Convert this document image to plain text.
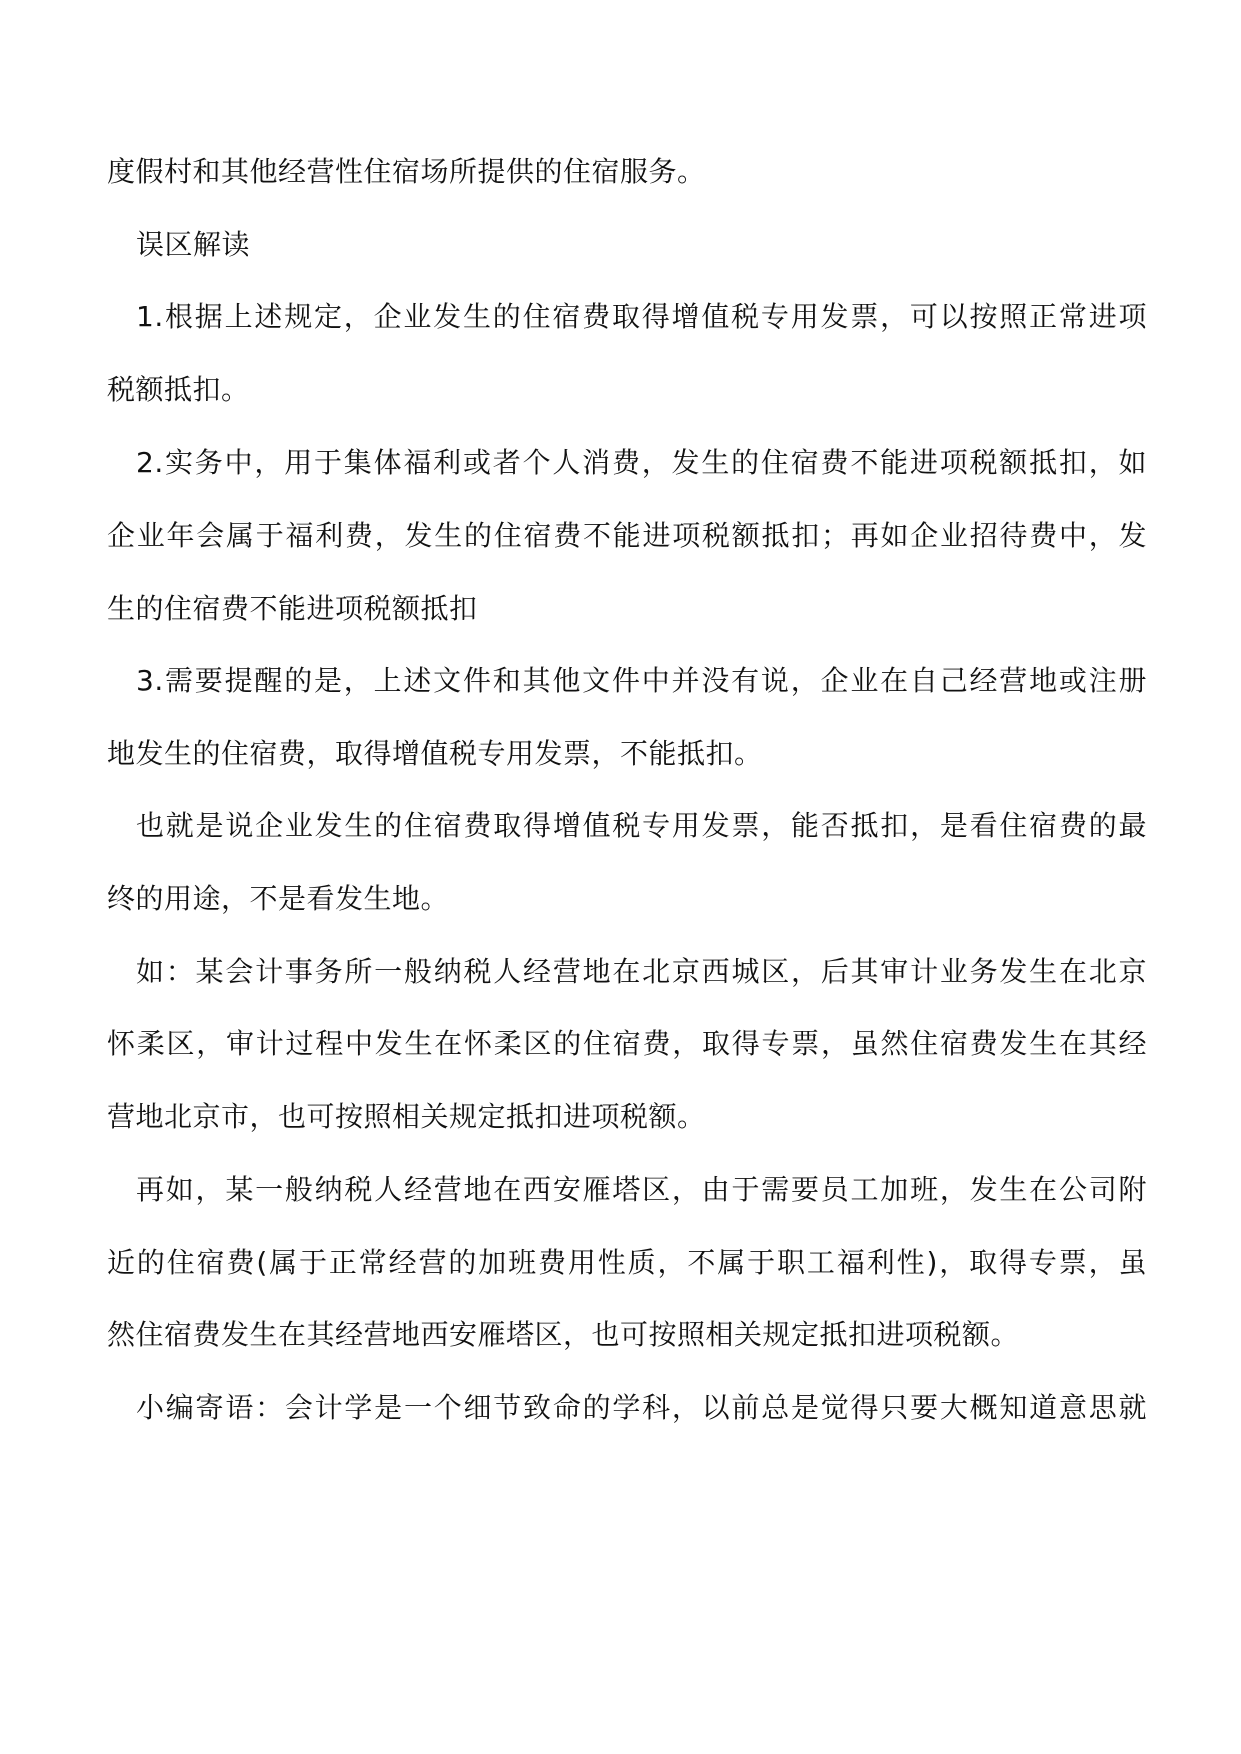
度假村和其他经营性住宿场所提供的住宿服务。
误区解读
1.根据上述规定，企业发生的住宿费取得增值税专用发票，可以按照正常进项
税额抵扣。
2.实务中，用于集体福利或者个人消费，发生的住宿费不能进项税额抵扣，如
企业年会属于福利费，发生的住宿费不能进项税额抵扣；再如企业招待费中，发
生的住宿费不能进项税额抵扣
3.需要提醒的是，上述文件和其他文件中并没有说，企业在自己经营地或注册
地发生的住宿费，取得增值税专用发票，不能抵扣。
也就是说企业发生的住宿费取得增值税专用发票，能否抵扣，是看住宿费的最
终的用途，不是看发生地。
如：某会计事务所一般纳税人经营地在北京西城区，后其审计业务发生在北京
怀柔区，审计过程中发生在怀柔区的住宿费，取得专票，虽然住宿费发生在其经
营地北京市，也可按照相关规定抵扣进项税额。
再如，某一般纳税人经营地在西安雁塔区，由于需要员工加班，发生在公司附
近的住宿费(属于正常经营的加班费用性质，不属于职工福利性)，取得专票，虽
然住宿费发生在其经营地西安雁塔区，也可按照相关规定抵扣进项税额。
小编寄语：会计学是一个细节致命的学科，以前总是觉得只要大概知道意思就
